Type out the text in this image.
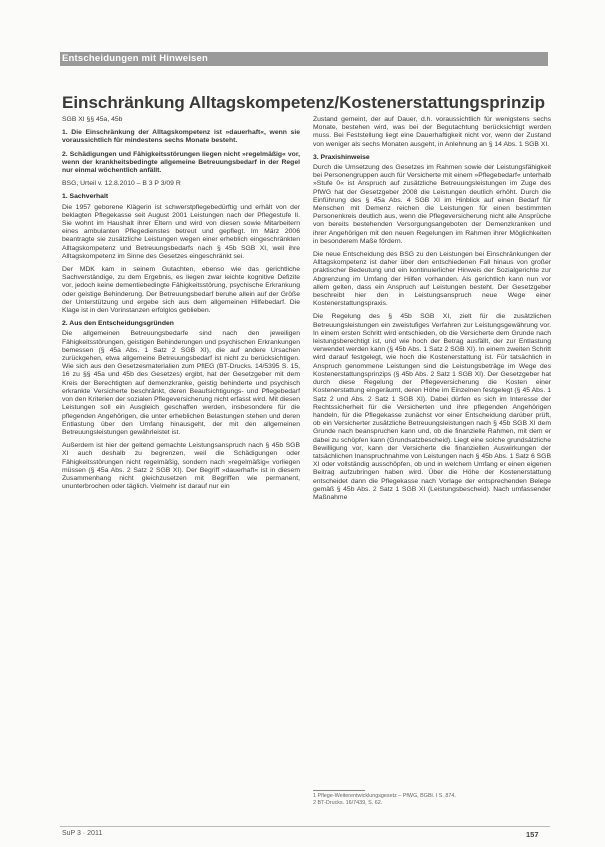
Entscheidungen mit Hinweisen
Einschränkung Alltagskompetenz/Kostenerstattungsprinzip

SGB XI §§ 45a, 45b

1. Die Einschränkung der Alltagskompetenz ist »dauerhaft«, wenn sie voraussichtlich für mindestens sechs Monate besteht.

2. Schädigungen und Fähigkeitsstörungen liegen nicht »regelmäßig« vor, wenn der krankheitsbedingte allgemeine Betreuungsbedarf in der Regel nur einmal wöchentlich anfällt.

BSG, Urteil v. 12.8.2010 – B 3 P 3/09 R

1. Sachverhalt

Die 1957 geborene Klägerin ist schwerstpflegebedürftig und erhält von der beklagten Pflegekasse seit August 2001 Leistungen nach der Pflegestufe II. Sie wohnt im Haushalt ihrer Eltern und wird von diesen sowie Mitarbeitern eines ambulanten Pflegedienstes betreut und gepflegt. Im März 2006 beantragte sie zusätzliche Leistungen wegen einer erheblich eingeschränkten Alltagskompetenz und Betreuungsbedarfs nach § 45b SGB XI, weil ihre Alltagskompetenz im Sinne des Gesetzes eingeschränkt sei.

Der MDK kam in seinem Gutachten, ebenso wie das gerichtliche Sachverständige, zu dem Ergebnis, es liegen zwar leichte kognitive Defizite vor, jedoch keine dementiebedingte Fähigkeitsstörung, psychische Erkrankung oder geistige Behinderung. Der Betreuungsbedarf beruhe allein auf der Größe der Unterstützung und ergebe sich aus dem allgemeinen Hilfebedarf. Die Klage ist in den Vorinstanzen erfolglos geblieben.

2. Aus den Entscheidungsgründen

Die allgemeinen Betreuungsbedarfe sind nach den jeweiligen Fähigkeitsstörungen, geistigen Behinderungen und psychischen Erkrankungen bemessen (§ 45a Abs. 1 Satz 2 SGB XI), die auf andere Ursachen zurückgehen, etwa allgemeine Betreuungsbedarf ist nicht zu berücksichtigen. Wie sich aus den Gesetzesmaterialien zum PflEG (BT-Drucks. 14/5395 S. 15, 16 zu §§ 45a und 45b des Gesetzes) ergibt, hat der Gesetzgeber mit dem Kreis der Berechtigten auf demenzkranke, geistig behinderte und psychisch erkrankte Versicherte beschränkt, deren Beaufsichtigungs- und Pflegebedarf von den Kriterien der sozialen Pflegeversicherung nicht erfasst wird. Mit diesen Leistungen soll ein Ausgleich geschaffen werden, insbesondere für die pflegenden Angehörigen, die unter erheblichen Belastungen stehen und deren Entlastung über den Umfang hinausgeht, der mit den allgemeinen Betreuungsleistungen gewährleistet ist.

Außerdem ist hier der geltend gemachte Leistungsanspruch nach § 45b SGB XI auch deshalb zu begrenzen, weil die Schädigungen oder Fähigkeitsstörungen nicht regelmäßig, sondern nach »regelmäßig« vorliegen müssen (§ 45a Abs. 2 Satz 2 SGB XI). Der Begriff »dauerhaft« ist in diesem Zusammenhang nicht gleichzusetzen mit Begriffen wie permanent, ununterbrochen oder täglich. Vielmehr ist darauf nur ein

Zustand gemeint, der auf Dauer, d.h. voraussichtlich für wenigstens sechs Monate, bestehen wird, was bei der Begutachtung berücksichtigt werden muss. Bei Feststellung liegt eine Dauerhaftigkeit nicht vor, wenn der Zustand von weniger als sechs Monaten ausgeht, in Anlehnung an § 14 Abs. 1 SGB XI.

3. Praxishinweise

Durch die Umsetzung des Gesetzes im Rahmen sowie der Leistungsfähigkeit bei Personengruppen auch für Versicherte mit einem »Pflegebedarf« unterhalb »Stufe 0« ist Anspruch auf zusätzliche Betreuungsleistungen im Zuge des PfWG hat der Gesetzgeber 2008 die Leistungen deutlich erhöht. Durch die Einführung des § 45a Abs. 4 SGB XI im Hinblick auf einen Bedarf für Menschen mit Demenz reichen die Leistungen für einen bestimmten Personenkreis deutlich aus, wenn die Pflegeversicherung nicht alle Ansprüche von bereits bestehenden Versorgungsangeboten der Demenzkranken und ihrer Angehörigen mit den neuen Regelungen im Rahmen ihrer Möglichkeiten in besonderem Maße fördern.

Die neue Entscheidung des BSG zu den Leistungen bei Einschränkungen der Alltagskompetenz ist daher über den entschiedenen Fall hinaus von großer praktischer Bedeutung und ein kontinuierlicher Hinweis der Sozialgerichte zur Abgrenzung im Umfang der Hilfen vorhanden. Als gerichtlich kann nun vor allem gelten, dass ein Anspruch auf Leistungen besteht. Der Gesetzgeber beschreibt hier den in Leistungsanspruch neue Wege einer Kostenerstattungspraxis.

Die Regelung des § 45b SGB XI, zielt für die zusätzlichen Betreuungsleistungen ein zweistufiges Verfahren zur Leistungsgewährung vor. In einem ersten Schritt wird entschieden, ob die Versicherte dem Grunde nach leistungsberechtigt ist, und wie hoch der Betrag ausfällt, der zur Entlastung verwendet werden kann (§ 45b Abs. 1 Satz 2 SGB XI). In einem zweiten Schritt wird darauf festgelegt, wie hoch die Kostenerstattung ist. Für tatsächlich in Anspruch genommene Leistungen sind die Leistungsbeträge im Wege des Kostenerstattungsprinzips (§ 45b Abs. 2 Satz 1 SGB XI). Der Gesetzgeber hat durch diese Regelung der Pflegeversicherung die Kosten einer Kostenerstattung eingeräumt, deren Höhe im Einzelnen festgelegt (§ 45 Abs. 1 Satz 2 und Abs. 2 Satz 1 SGB XI). Dabei dürfen es sich im Interesse der Rechtssicherheit für die Versicherten und ihre pflegenden Angehörigen handeln, für die Pflegekasse zunächst vor einer Entscheidung darüber prüft, ob ein Versicherter zusätzliche Betreuungsleistungen nach § 45b SGB XI dem Grunde nach beanspruchen kann und, ob die finanzielle Rahmen, mit dem er dabei zu schöpfen kann (Grundsatzbescheid). Liegt eine solche grundsätzliche Bewilligung vor, kann der Versicherte die finanziellen Auswirkungen der tatsächlichen Inanspruchnahme von Leistungen nach § 45b Abs. 1 Satz 6 SGB XI oder vollständig ausschöpfen, ob und in welchem Umfang er einen eigenen Beitrag aufzubringen haben wird. Über die Höhe der Kostenerstattung entscheidet dann die Pflegekasse nach Vorlage der entsprechenden Belege gemäß § 45b Abs. 2 Satz 1 SGB XI (Leistungsbescheid). Nach umfassender Maßnahme

1 Pflege-Weiterentwicklungsgesetz – PfWG, BGBl. I S. 874.

2 BT-Drucks. 16/7439, S. 62.

SuP 3 · 2011	157
